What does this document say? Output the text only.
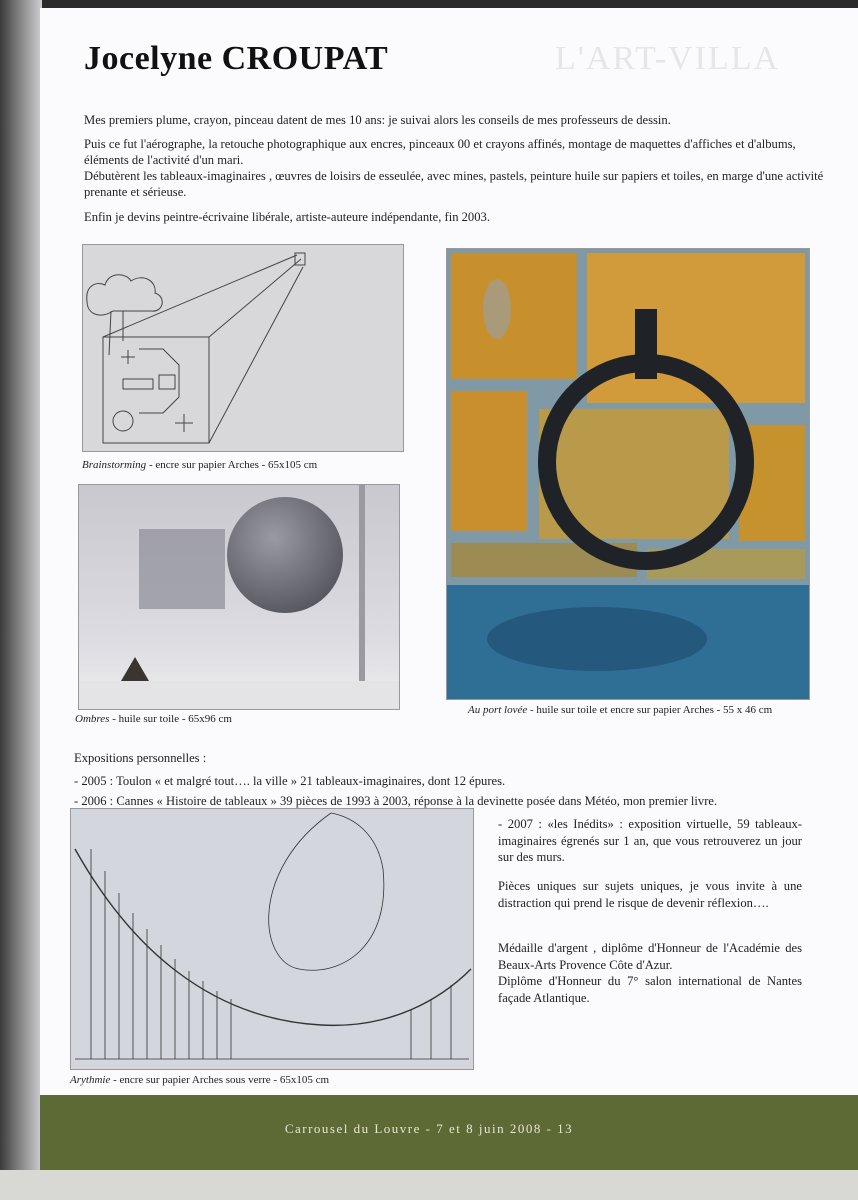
L'ART-VILLA
Jocelyne CROUPAT

Mes premiers plume, crayon, pinceau datent de mes 10 ans: je suivai alors les conseils de mes professeurs de dessin.

Puis ce fut l'aérographe, la retouche photographique aux encres, pinceaux 00 et crayons affinés, montage de maquettes d'affiches et d'albums, éléments de l'activité d'un mari.

Débutèrent les tableaux-imaginaires , œuvres de loisirs de esseulée, avec mines, pastels, peinture huile sur papiers et toiles, en marge d'une activité prenante et sérieuse.

Enfin je devins peintre-écrivaine libérale, artiste-auteure indépendante, fin 2003.

Brainstorming - encre sur papier Arches - 65x105 cm

Ombres - huile sur toile - 65x96 cm

Au port lovée - huile sur toile et encre sur papier Arches - 55 x 46 cm

Expositions personnelles :

- 2005 : Toulon « et malgré tout…. la ville » 21 tableaux-imaginaires, dont 12 épures.

- 2006 : Cannes « Histoire de tableaux » 39 pièces de 1993 à 2003, réponse à la devinette posée dans Météo, mon premier livre.

Arythmie - encre sur papier Arches sous verre - 65x105 cm

- 2007 : «les Inédits» : exposition virtuelle, 59 tableaux-imaginaires égrenés sur 1 an, que vous retrouverez un jour sur des murs.

Pièces uniques sur sujets uniques, je vous invite à une distraction qui prend le risque de devenir réflexion….

Médaille d'argent , diplôme d'Honneur de l'Académie des Beaux-Arts Provence Côte d'Azur.

Diplôme d'Honneur du 7° salon international de Nantes façade Atlantique.

Carrousel du Louvre - 7 et 8 juin 2008 - 13
